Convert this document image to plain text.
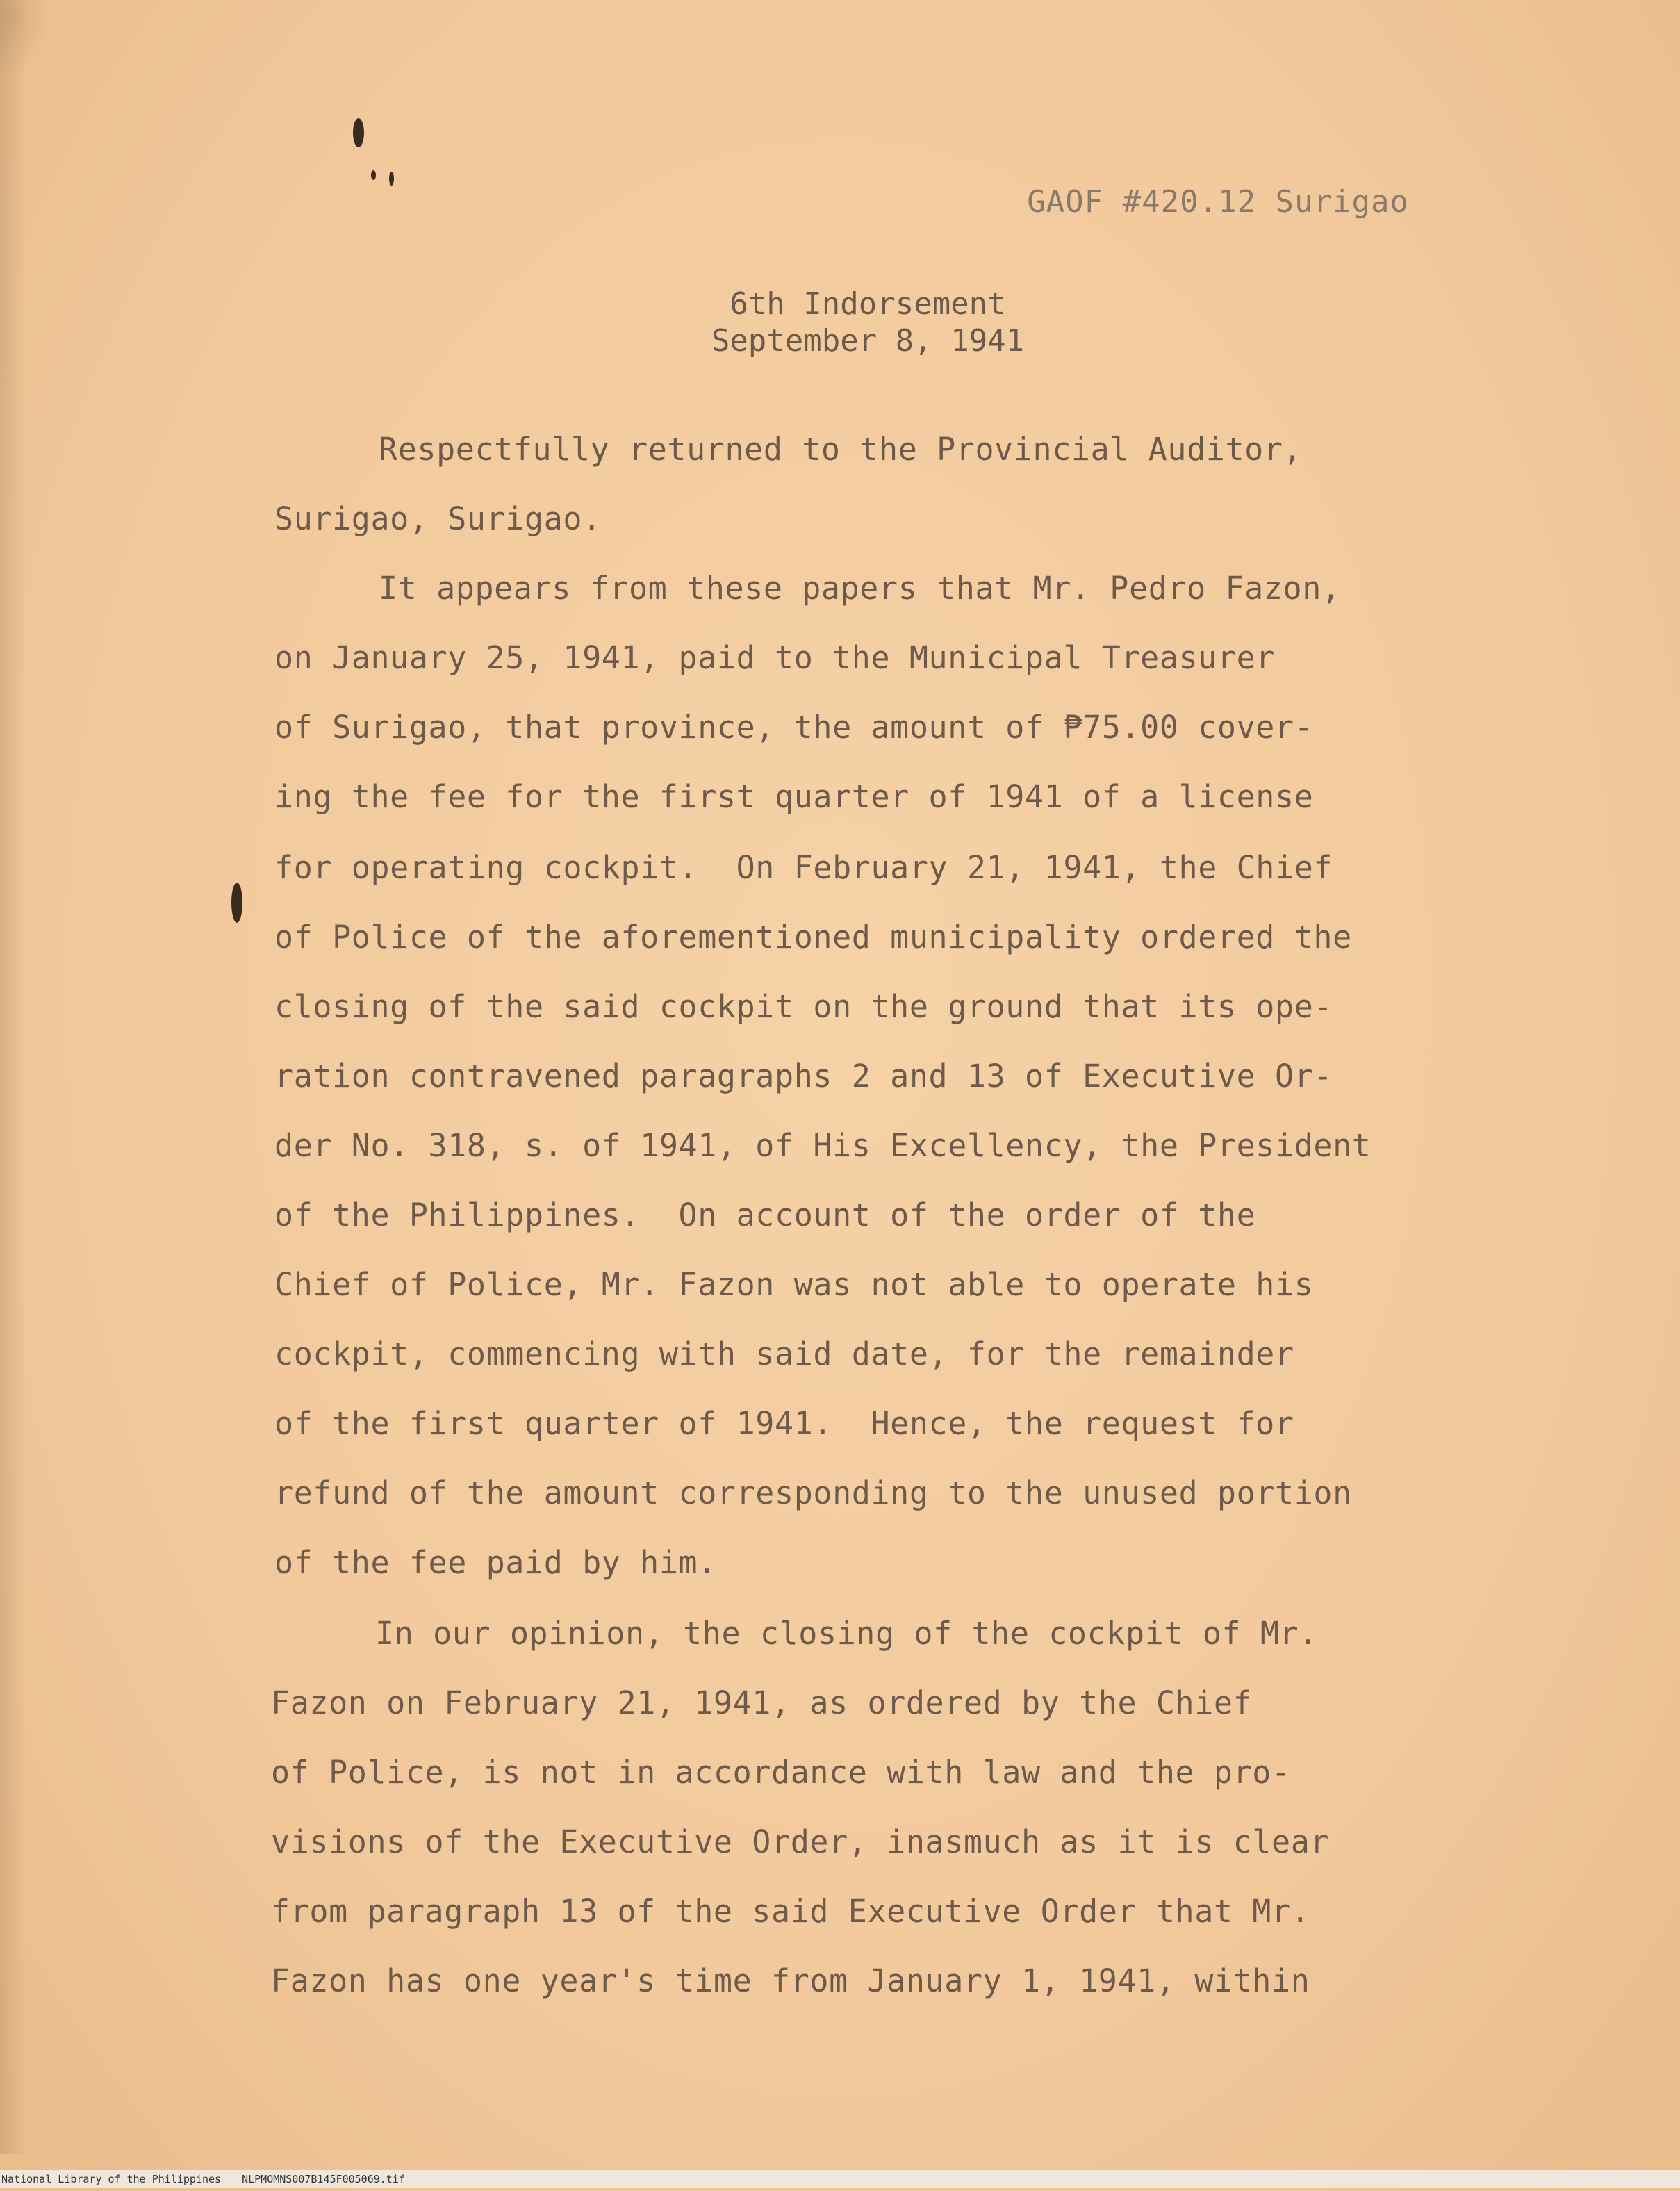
GAOF #420.12 Surigao
6th Indorsement
September 8, 1941
Respectfully returned to the Provincial Auditor,
Surigao, Surigao.
It appears from these papers that Mr. Pedro Fazon,
on January 25, 1941, paid to the Municipal Treasurer
of Surigao, that province, the amount of ₱75.00 cover-
ing the fee for the first quarter of 1941 of a license
for operating cockpit.  On February 21, 1941, the Chief
of Police of the aforementioned municipality ordered the
closing of the said cockpit on the ground that its ope-
ration contravened paragraphs 2 and 13 of Executive Or-
der No. 318, s. of 1941, of His Excellency, the President
of the Philippines.  On account of the order of the
Chief of Police, Mr. Fazon was not able to operate his
cockpit, commencing with said date, for the remainder
of the first quarter of 1941.  Hence, the request for
refund of the amount corresponding to the unused portion
of the fee paid by him.
In our opinion, the closing of the cockpit of Mr.
Fazon on February 21, 1941, as ordered by the Chief
of Police, is not in accordance with law and the pro-
visions of the Executive Order, inasmuch as it is clear
from paragraph 13 of the said Executive Order that Mr.
Fazon has one year's time from January 1, 1941, within
National Library of the Philippines NLPMOMNS007B145F005069.tif
